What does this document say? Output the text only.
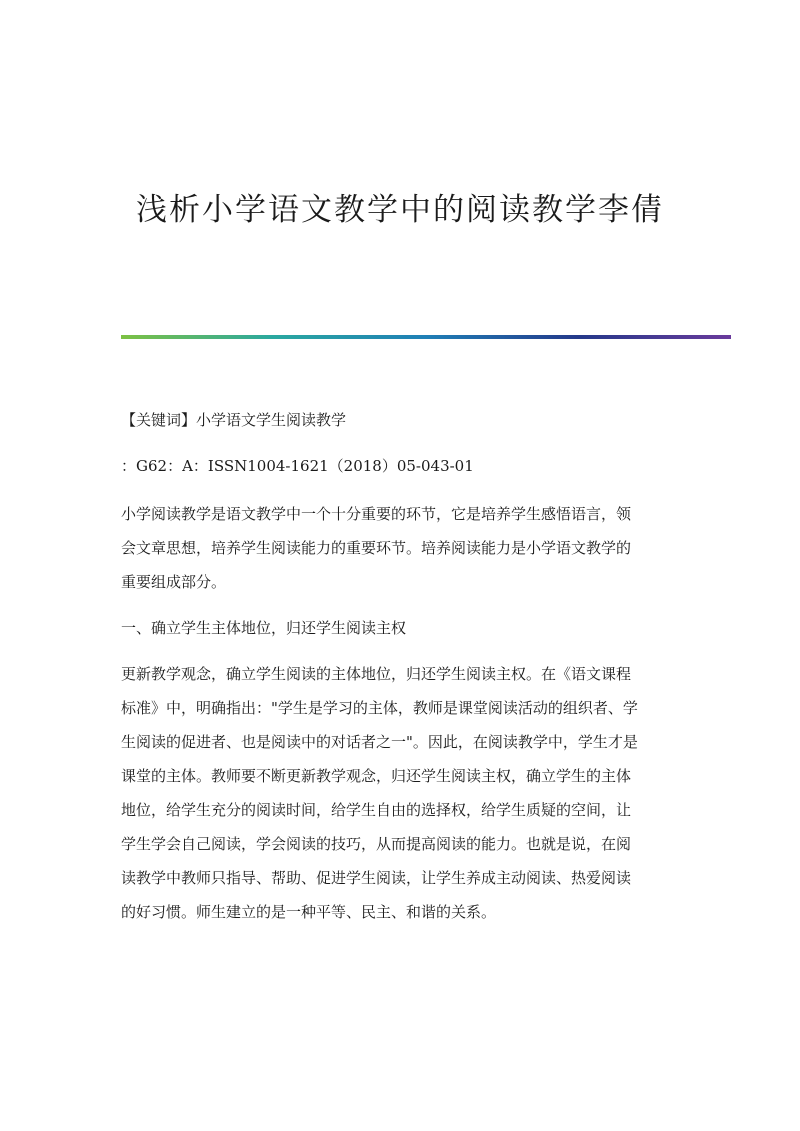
浅析小学语文教学中的阅读教学李倩

【关键词】小学语文学生阅读教学

：G62：A：ISSN1004-1621（2018）05-043-01

小学阅读教学是语文教学中一个十分重要的环节，它是培养学生感悟语言，领

会文章思想，培养学生阅读能力的重要环节。培养阅读能力是小学语文教学的

重要组成部分。

一、确立学生主体地位，归还学生阅读主权

更新教学观念，确立学生阅读的主体地位，归还学生阅读主权。在《语文课程

标准》中，明确指出："学生是学习的主体，教师是课堂阅读活动的组织者、学

生阅读的促进者、也是阅读中的对话者之一"。因此，在阅读教学中，学生才是

课堂的主体。教师要不断更新教学观念，归还学生阅读主权，确立学生的主体

地位，给学生充分的阅读时间，给学生自由的选择权，给学生质疑的空间，让

学生学会自己阅读，学会阅读的技巧，从而提高阅读的能力。也就是说，在阅

读教学中教师只指导、帮助、促进学生阅读，让学生养成主动阅读、热爱阅读

的好习惯。师生建立的是一种平等、民主、和谐的关系。
